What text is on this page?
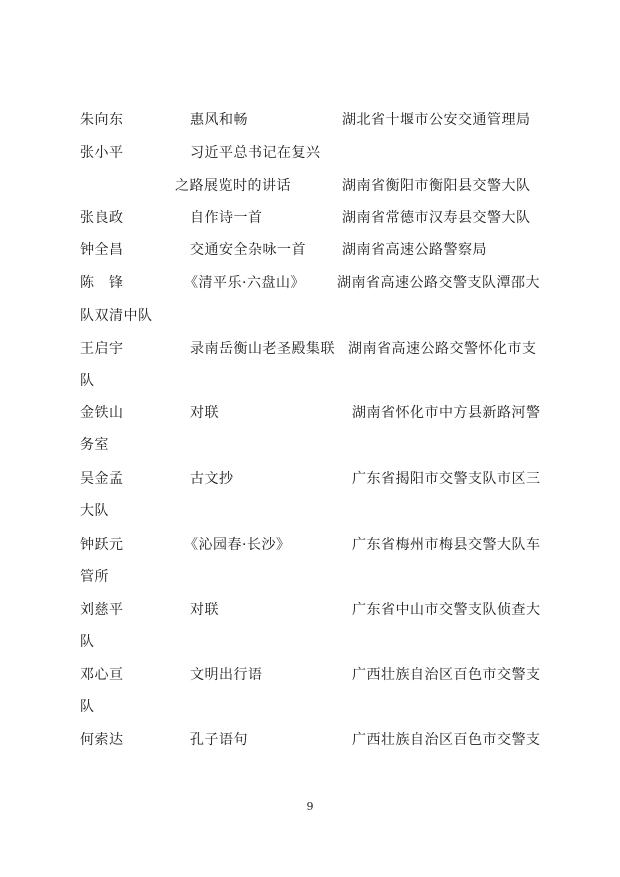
朱向东	惠风和畅	湖北省十堰市公安交通管理局
张小平	习近平总书记在复兴
之路展览时的讲话	湖南省衡阳市衡阳县交警大队
张良政	自作诗一首	湖南省常德市汉寿县交警大队
钟全昌	交通安全杂咏一首	湖南省高速公路警察局
陈　锋	《清平乐·六盘山》 湖南省高速公路交警支队潭邵大
队双清中队
王启宇	录南岳衡山老圣殿集联 湖南省高速公路交警怀化市支
队
金铁山	对联	湖南省怀化市中方县新路河警
务室
吴金孟	古文抄	广东省揭阳市交警支队市区三
大队
钟跃元	《沁园春·长沙》	广东省梅州市梅县交警大队车
管所
刘慈平	对联	广东省中山市交警支队侦查大
队
邓心亘	文明出行语	广西壮族自治区百色市交警支
队
何索达	孔子语句	广西壮族自治区百色市交警支
9
